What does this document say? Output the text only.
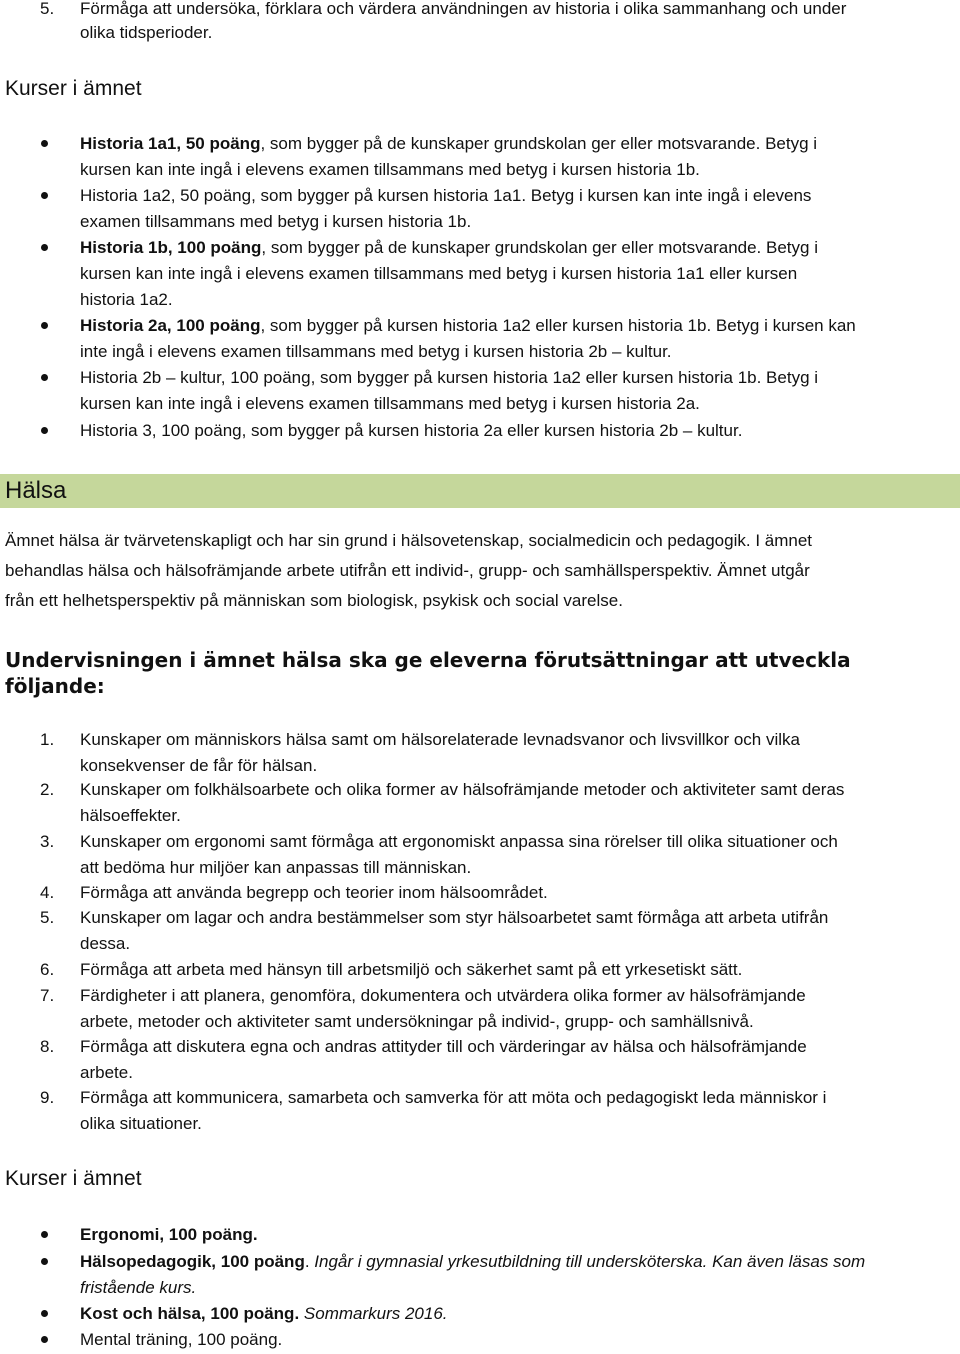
5. Förmåga att undersöka, förklara och värdera användningen av historia i olika sammanhang och under
olika tidsperioder.
Kurser i ämnet
Historia 1a1, 50 poäng, som bygger på de kunskaper grundskolan ger eller motsvarande. Betyg i
kursen kan inte ingå i elevens examen tillsammans med betyg i kursen historia 1b.
Historia 1a2, 50 poäng, som bygger på kursen historia 1a1. Betyg i kursen kan inte ingå i elevens
examen tillsammans med betyg i kursen historia 1b.
Historia 1b, 100 poäng, som bygger på de kunskaper grundskolan ger eller motsvarande. Betyg i
kursen kan inte ingå i elevens examen tillsammans med betyg i kursen historia 1a1 eller kursen
historia 1a2.
Historia 2a, 100 poäng, som bygger på kursen historia 1a2 eller kursen historia 1b. Betyg i kursen kan
inte ingå i elevens examen tillsammans med betyg i kursen historia 2b – kultur.
Historia 2b – kultur, 100 poäng, som bygger på kursen historia 1a2 eller kursen historia 1b. Betyg i
kursen kan inte ingå i elevens examen tillsammans med betyg i kursen historia 2a.
Historia 3, 100 poäng, som bygger på kursen historia 2a eller kursen historia 2b – kultur.
Hälsa
Ämnet hälsa är tvärvetenskapligt och har sin grund i hälsovetenskap, socialmedicin och pedagogik. I ämnet
behandlas hälsa och hälsofrämjande arbete utifrån ett individ-, grupp- och samhällsperspektiv. Ämnet utgår
från ett helhetsperspektiv på människan som biologisk, psykisk och social varelse.
Undervisningen i ämnet hälsa ska ge eleverna förutsättningar att utveckla
följande:
1. Kunskaper om människors hälsa samt om hälsorelaterade levnadsvanor och livsvillkor och vilka
konsekvenser de får för hälsan.
2. Kunskaper om folkhälsoarbete och olika former av hälsofrämjande metoder och aktiviteter samt deras
hälsoeffekter.
3. Kunskaper om ergonomi samt förmåga att ergonomiskt anpassa sina rörelser till olika situationer och
att bedöma hur miljöer kan anpassas till människan.
4. Förmåga att använda begrepp och teorier inom hälsoområdet.
5. Kunskaper om lagar och andra bestämmelser som styr hälsoarbetet samt förmåga att arbeta utifrån
dessa.
6. Förmåga att arbeta med hänsyn till arbetsmiljö och säkerhet samt på ett yrkesetiskt sätt.
7. Färdigheter i att planera, genomföra, dokumentera och utvärdera olika former av hälsofrämjande
arbete, metoder och aktiviteter samt undersökningar på individ-, grupp- och samhällsnivå.
8. Förmåga att diskutera egna och andras attityder till och värderingar av hälsa och hälsofrämjande
arbete.
9. Förmåga att kommunicera, samarbeta och samverka för att möta och pedagogiskt leda människor i
olika situationer.
Kurser i ämnet
Ergonomi, 100 poäng.
Hälsopedagogik, 100 poäng. Ingår i gymnasial yrkesutbildning till undersköterska. Kan även läsas som
fristående kurs.
Kost och hälsa, 100 poäng. Sommarkurs 2016.
Mental träning, 100 poäng.
